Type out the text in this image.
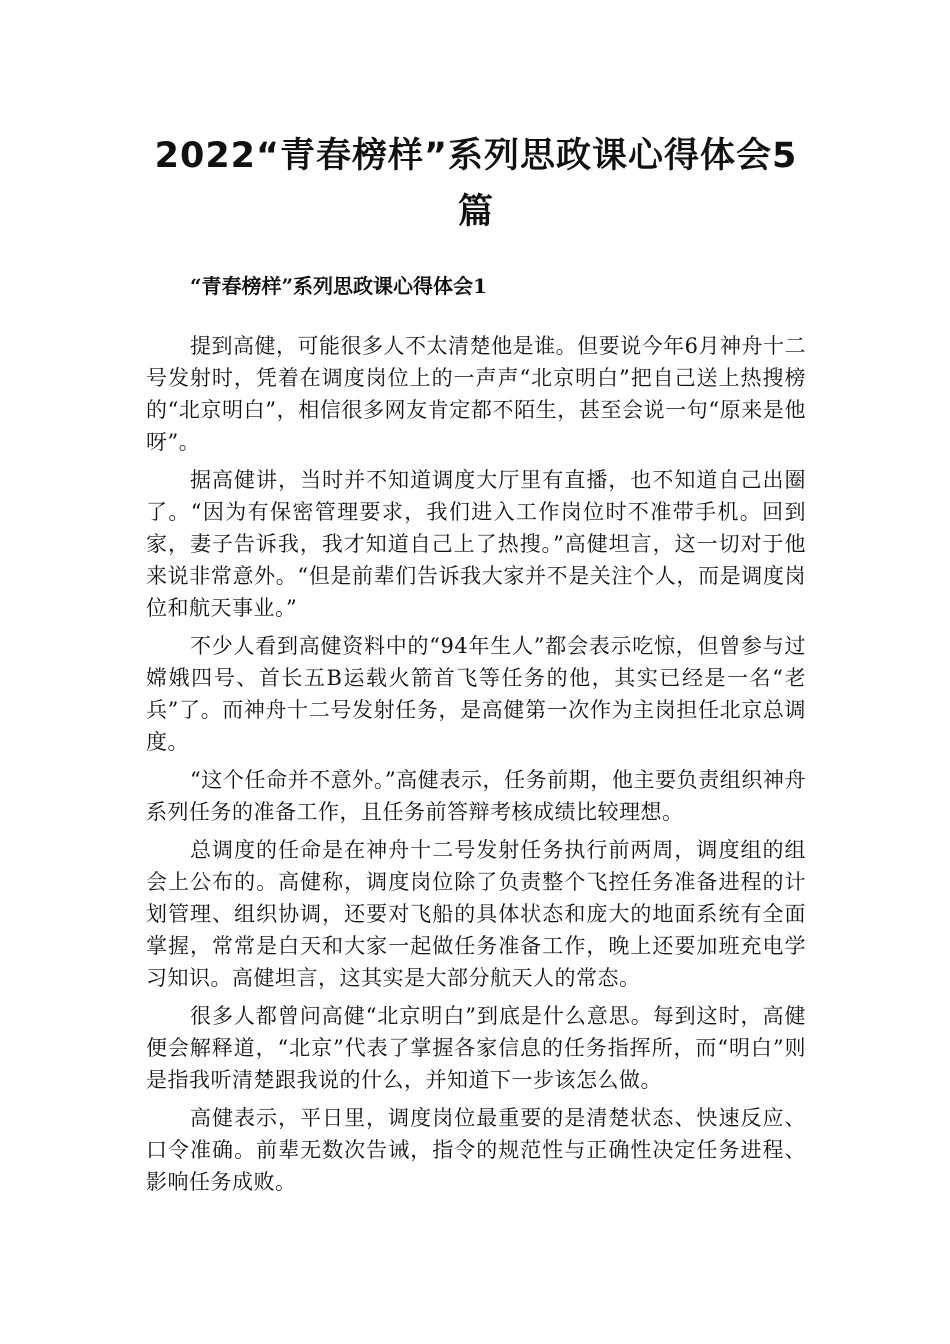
2022“青春榜样”系列思政课心得体会5篇
“青春榜样”系列思政课心得体会1

提到高健，可能很多人不太清楚他是谁。但要说今年6月神舟十二号发射时，凭着在调度岗位上的一声声“北京明白”把自己送上热搜榜的“北京明白”，相信很多网友肯定都不陌生，甚至会说一句“原来是他呀”。

据高健讲，当时并不知道调度大厅里有直播，也不知道自己出圈了。“因为有保密管理要求，我们进入工作岗位时不准带手机。回到家，妻子告诉我，我才知道自己上了热搜。”高健坦言，这一切对于他来说非常意外。“但是前辈们告诉我大家并不是关注个人，而是调度岗位和航天事业。”

不少人看到高健资料中的“94年生人”都会表示吃惊，但曾参与过嫦娥四号、首长五B运载火箭首飞等任务的他，其实已经是一名“老兵”了。而神舟十二号发射任务，是高健第一次作为主岗担任北京总调度。

“这个任命并不意外。”高健表示，任务前期，他主要负责组织神舟系列任务的准备工作，且任务前答辩考核成绩比较理想。

总调度的任命是在神舟十二号发射任务执行前两周，调度组的组会上公布的。高健称，调度岗位除了负责整个飞控任务准备进程的计划管理、组织协调，还要对飞船的具体状态和庞大的地面系统有全面掌握，常常是白天和大家一起做任务准备工作，晚上还要加班充电学习知识。高健坦言，这其实是大部分航天人的常态。

很多人都曾问高健“北京明白”到底是什么意思。每到这时，高健便会解释道，“北京”代表了掌握各家信息的任务指挥所，而“明白”则是指我听清楚跟我说的什么，并知道下一步该怎么做。

高健表示，平日里，调度岗位最重要的是清楚状态、快速反应、口令准确。前辈无数次告诫，指令的规范性与正确性决定任务进程、影响任务成败。
